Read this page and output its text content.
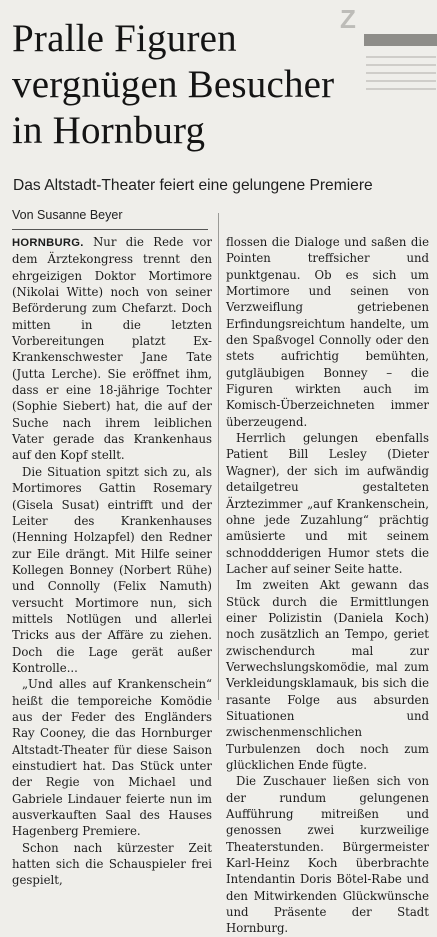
Z

Pralle Figuren
vergnügen Besucher
in Hornburg
Das Altstadt-Theater feiert eine gelungene Premiere
Von Susanne Beyer

HORNBURG. Nur die Rede vor dem Ärztekongress trennt den ehrgeizigen Doktor Mortimore (Nikolai Witte) noch von seiner Beförderung zum Chefarzt. Doch mitten in die letzten Vorbereitungen platzt Ex-Krankenschwester Jane Tate (Jutta Lerche). Sie eröffnet ihm, dass er eine 18-jährige Tochter (Sophie Siebert) hat, die auf der Suche nach ihrem leiblichen Vater gerade das Krankenhaus auf den Kopf stellt.

Die Situation spitzt sich zu, als Mortimores Gattin Rosemary (Gisela Susat) eintrifft und der Leiter des Krankenhauses (Henning Holzapfel) den Redner zur Eile drängt. Mit Hilfe seiner Kollegen Bonney (Norbert Rühe) und Connolly (Felix Namuth) versucht Mortimore nun, sich mittels Notlügen und allerlei Tricks aus der Affäre zu ziehen. Doch die Lage gerät außer Kontrolle...

„Und alles auf Krankenschein“ heißt die temporeiche Komödie aus der Feder des Engländers Ray Cooney, die das Hornburger Altstadt-Theater für diese Saison einstudiert hat. Das Stück unter der Regie von Michael und Gabriele Lindauer feierte nun im ausverkauften Saal des Hauses Hagenberg Premiere.

Schon nach kürzester Zeit hatten sich die Schauspieler frei gespielt,

flossen die Dialoge und saßen die Pointen treffsicher und punktgenau. Ob es sich um Mortimore und seinen von Verzweiflung getriebenen Erfindungsreichtum handelte, um den Spaßvogel Connolly oder den stets aufrichtig bemühten, gutgläubigen Bonney – die Figuren wirkten auch im Komisch-Überzeichneten immer überzeugend.

Herrlich gelungen ebenfalls Patient Bill Lesley (Dieter Wagner), der sich im aufwändig detailgetreu gestalteten Ärztezimmer „auf Krankenschein, ohne jede Zuzahlung“ prächtig amüsierte und mit seinem schnoddderigen Humor stets die Lacher auf seiner Seite hatte.

Im zweiten Akt gewann das Stück durch die Ermittlungen einer Polizistin (Daniela Koch) noch zusätzlich an Tempo, geriet zwischendurch mal zur Verwechslungskomödie, mal zum Verkleidungsklamauk, bis sich die rasante Folge aus absurden Situationen und zwischenmenschlichen Turbulenzen doch noch zum glücklichen Ende fügte.

Die Zuschauer ließen sich von der rundum gelungenen Aufführung mitreißen und genossen zwei kurzweilige Theaterstunden. Bürgermeister Karl-Heinz Koch überbrachte Intendantin Doris Bötel-Rabe und den Mitwirkenden Glückwünsche und Präsente der Stadt Hornburg.
